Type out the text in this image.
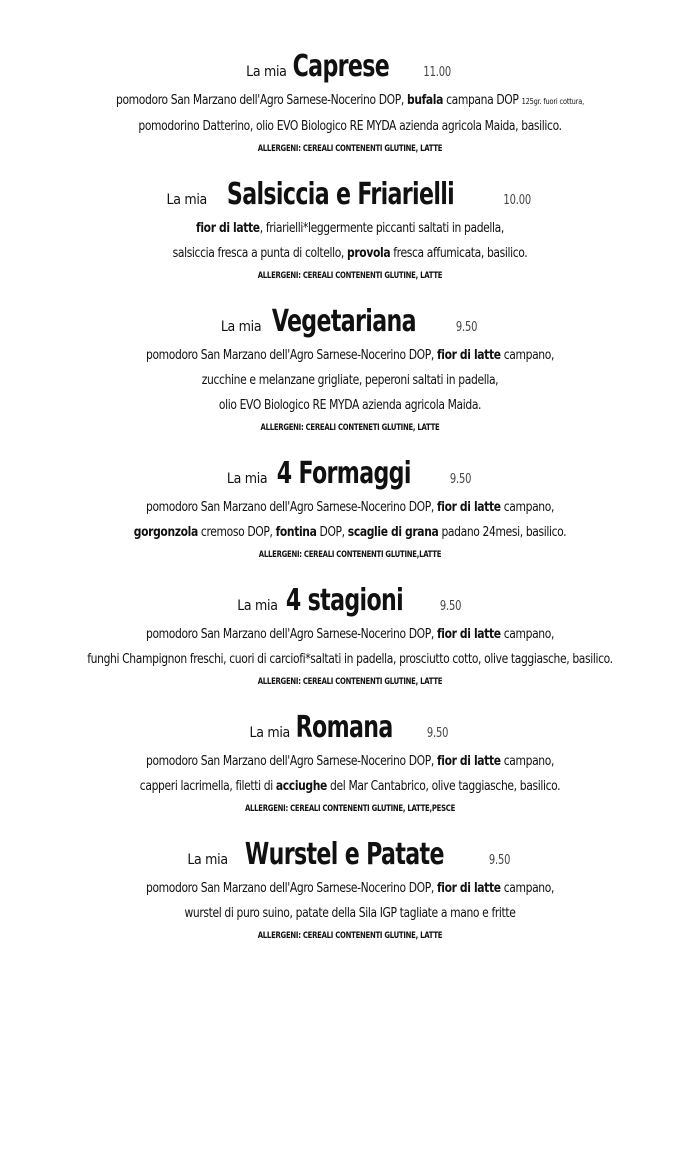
La mia Caprese	11.00
pomodoro San Marzano dell'Agro Sarnese-Nocerino DOP, bufala campana DOP 125gr. fuori cottura,
pomodorino Datterino, olio EVO Biologico RE MYDA azienda agricola Maida, basilico.
ALLERGENI: CEREALI CONTENENTI GLUTINE, LATTE
La mia Salsiccia e Friarielli	10.00
fior di latte, friarielli*leggermente piccanti saltati in padella,
salsiccia fresca a punta di coltello, provola fresca affumicata, basilico.
ALLERGENI: CEREALI CONTENENTI GLUTINE, LATTE
La mia Vegetariana	9.50
pomodoro San Marzano dell'Agro Sarnese-Nocerino DOP, fior di latte campano,
zucchine e melanzane grigliate, peperoni saltati in padella,
olio EVO Biologico RE MYDA azienda agricola Maida.
ALLERGENI: CEREALI CONTENETI GLUTINE, LATTE
La mia 4 Formaggi	9.50
pomodoro San Marzano dell'Agro Sarnese-Nocerino DOP, fior di latte campano,
gorgonzola cremoso DOP, fontina DOP, scaglie di grana padano 24mesi, basilico.
ALLERGENI: CEREALI CONTENENTI GLUTINE,LATTE
La mia 4 stagioni	9.50
pomodoro San Marzano dell'Agro Sarnese-Nocerino DOP, fior di latte campano,
funghi Champignon freschi, cuori di carciofi*saltati in padella, prosciutto cotto, olive taggiasche, basilico.
ALLERGENI: CEREALI CONTENENTI GLUTINE, LATTE
La mia Romana	9.50
pomodoro San Marzano dell'Agro Sarnese-Nocerino DOP, fior di latte campano,
capperi lacrimella, filetti di acciughe del Mar Cantabrico, olive taggiasche, basilico.
ALLERGENI: CEREALI CONTENENTI GLUTINE, LATTE,PESCE
La mia Wurstel e Patate	9.50
pomodoro San Marzano dell'Agro Sarnese-Nocerino DOP, fior di latte campano,
wurstel di puro suino, patate della Sila IGP tagliate a mano e fritte
ALLERGENI: CEREALI CONTENENTI GLUTINE, LATTE
